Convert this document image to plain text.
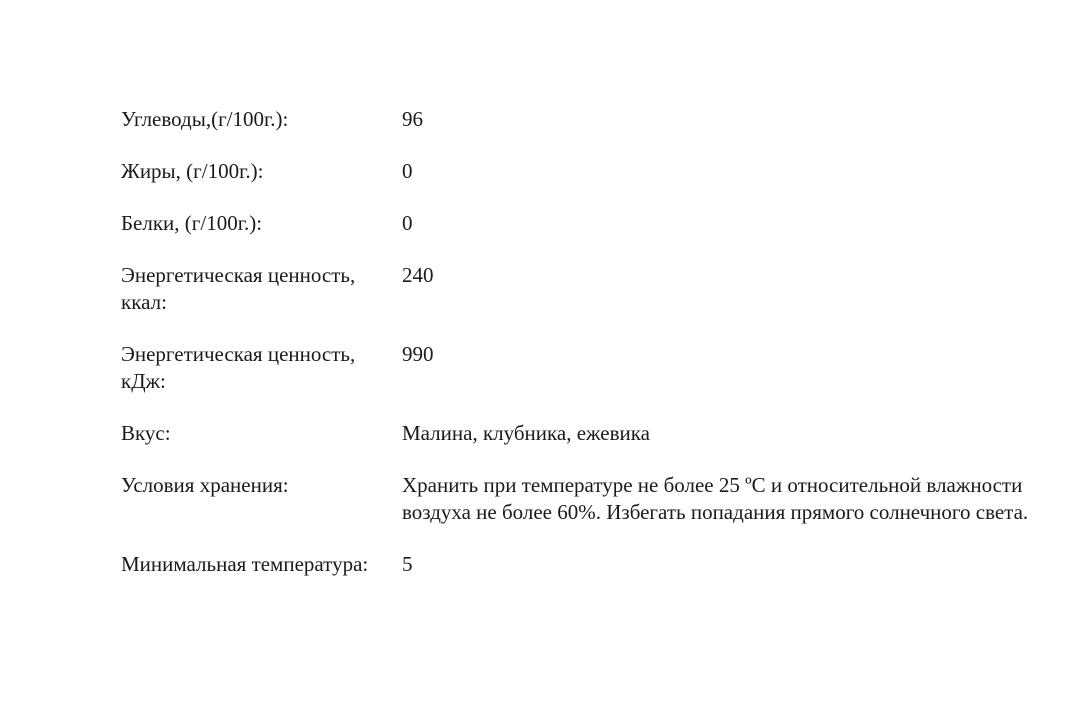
Углеводы,(г/100г.):	96

Жиры, (г/100г.):	0

Белки, (г/100г.):	0

Энергетическая ценность, ккал:	240

Энергетическая ценность, кДж:	990

Вкус:	Малина, клубника, ежевика

Условия хранения:	Хранить при температуре не более 25 ºС и относительной влажности воздуха не более 60%. Избегать попадания прямого солнечного света.

Минимальная температура:	5
